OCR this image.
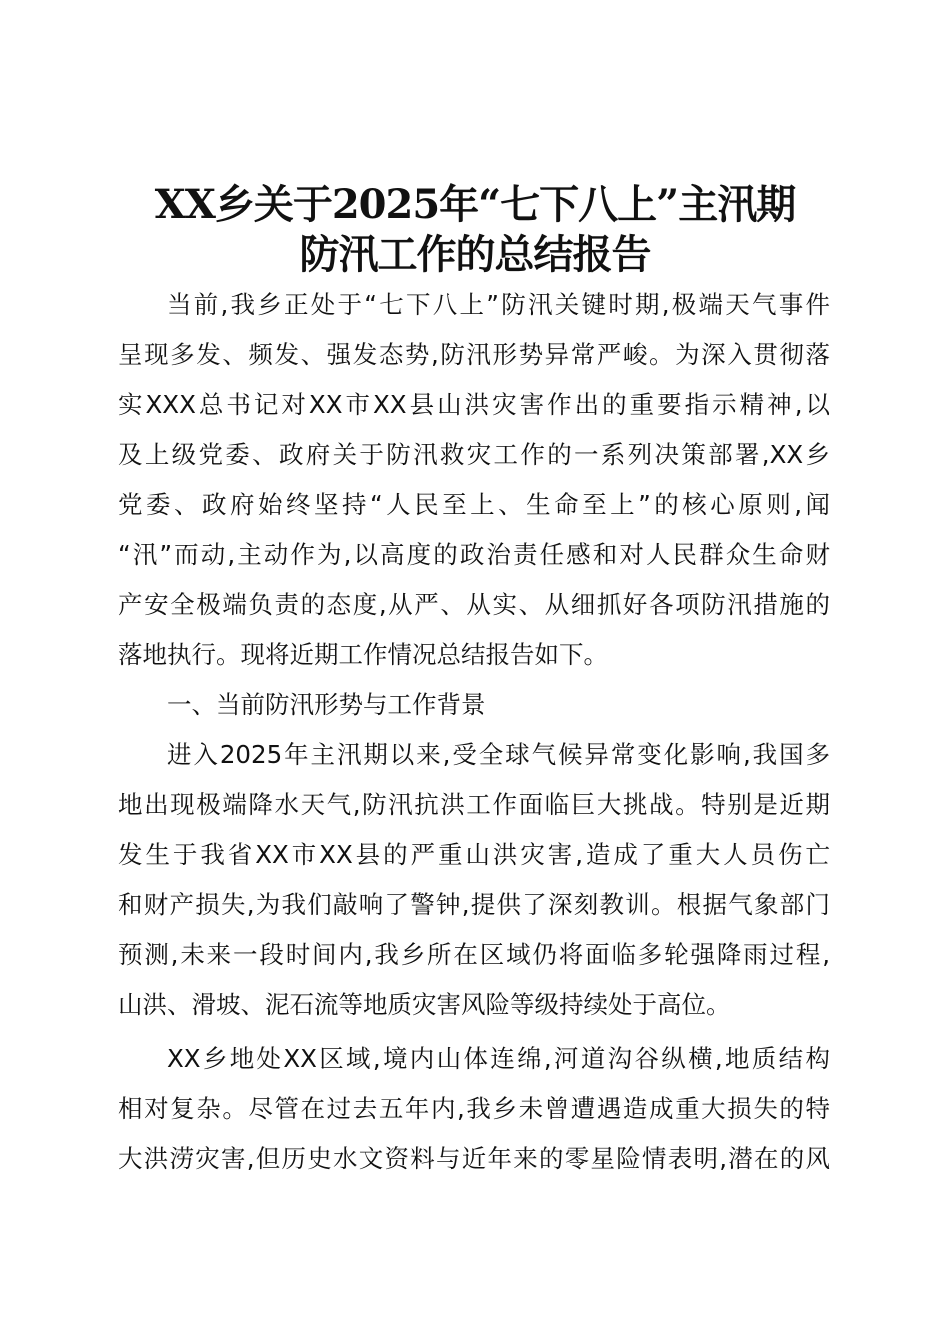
XX乡关于2025年“七下八上”主汛期
防汛工作的总结报告
当前,我乡正处于“七下八上”防汛关键时期,极端天气事件
呈现多发、频发、强发态势,防汛形势异常严峻。为深入贯彻落
实XXX总书记对XX市XX县山洪灾害作出的重要指示精神,以
及上级党委、政府关于防汛救灾工作的一系列决策部署,XX乡
党委、政府始终坚持“人民至上、生命至上”的核心原则,闻
“汛”而动,主动作为,以高度的政治责任感和对人民群众生命财
产安全极端负责的态度,从严、从实、从细抓好各项防汛措施的
落地执行。现将近期工作情况总结报告如下。
一、当前防汛形势与工作背景
进入2025年主汛期以来,受全球气候异常变化影响,我国多
地出现极端降水天气,防汛抗洪工作面临巨大挑战。特别是近期
发生于我省XX市XX县的严重山洪灾害,造成了重大人员伤亡
和财产损失,为我们敲响了警钟,提供了深刻教训。根据气象部门
预测,未来一段时间内,我乡所在区域仍将面临多轮强降雨过程,
山洪、滑坡、泥石流等地质灾害风险等级持续处于高位。
XX乡地处XX区域,境内山体连绵,河道沟谷纵横,地质结构
相对复杂。尽管在过去五年内,我乡未曾遭遇造成重大损失的特
大洪涝灾害,但历史水文资料与近年来的零星险情表明,潜在的风
